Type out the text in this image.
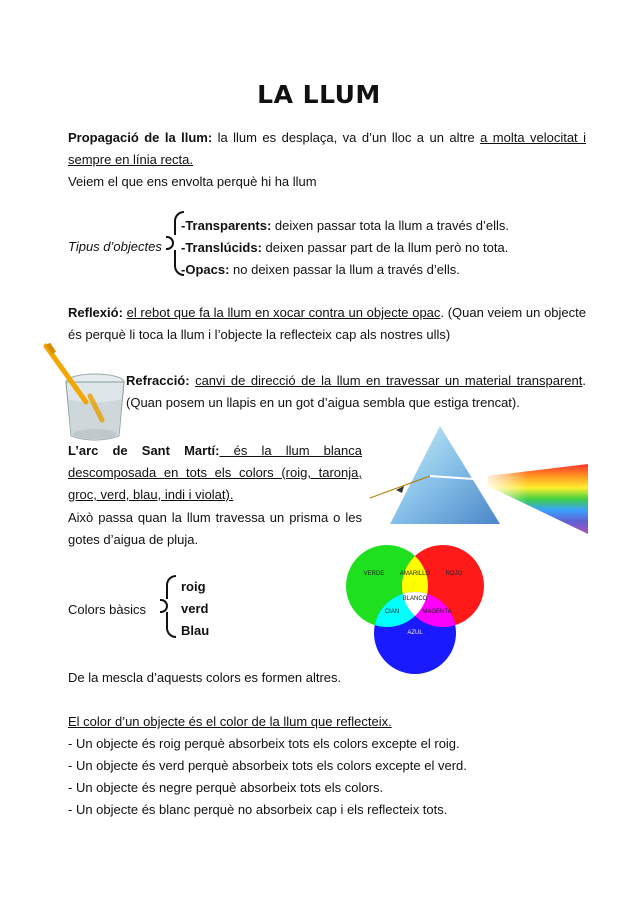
LA LLUM
Propagació de la llum: la llum es desplaça, va d’un lloc a un altre a molta velocitat i
sempre en línia recta.
Veiem el que ens envolta perquè hi ha llum
Tipus d’objectes
-Transparents: deixen passar tota la llum a través d’ells.
-Translúcids: deixen passar part de la llum però no tota.
-Opacs: no deixen passar la llum a través d’ells.
Reflexió: el rebot que fa la llum en xocar contra un objecte opac. (Quan veiem un objecte
és perquè li toca la llum i l’objecte la reflecteix cap als nostres ulls)
Refracció: canvi de direcció de la llum en travessar un material transparent.
(Quan posem un llapis en un got d’aigua sembla que estiga trencat).
L’arc de Sant Martí: és la llum blanca
descomposada en tots els colors (roig, taronja,
groc, verd, blau, indi i violat).
Això passa quan la llum travessa un prisma o les
gotes d’aigua de pluja.
Colors bàsics
roig
verd
Blau
VERDE	AMARILLO	ROJO
BLANCO
CIAN	MAGENTA
AZUL
De la mescla d’aquests colors es formen altres.
El color d’un objecte és el color de la llum que reflecteix.
- Un objecte és roig perquè absorbeix tots els colors excepte el roig.
- Un objecte és verd perquè absorbeix tots els colors excepte el verd.
- Un objecte és negre perquè absorbeix tots els colors.
- Un objecte és blanc perquè no absorbeix cap i els reflecteix tots.
